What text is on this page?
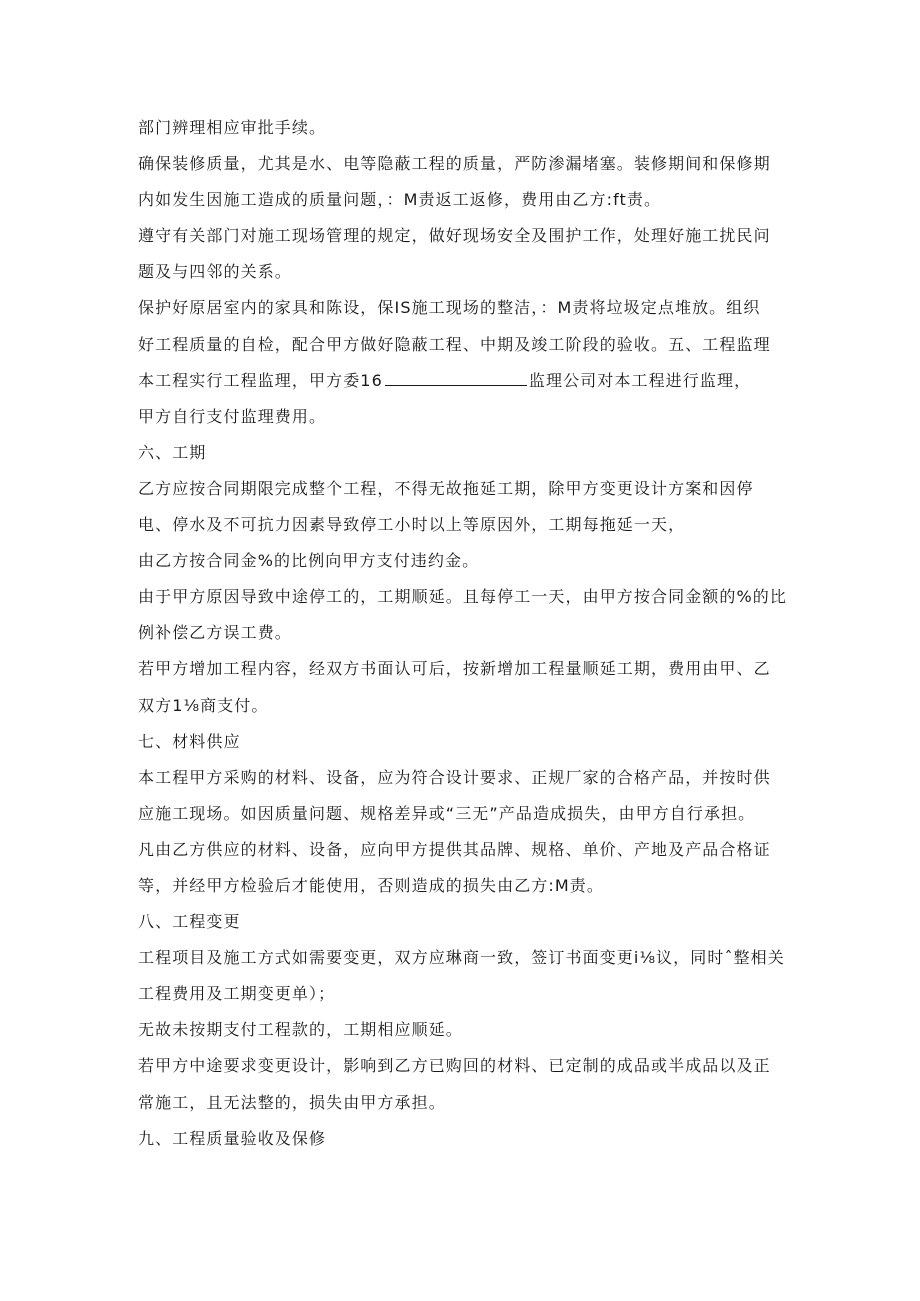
部门辨理相应审批手续。
确保装修质量，尤其是水、电等隐蔽工程的质量，严防渗漏堵塞。装修期间和保修期
内如发生因施工造成的质量问题，：M责返工返修，费用由乙方:ft责。
遵守有关部门对施工现场管理的规定，做好现场安全及围护工作，处理好施工扰民问
题及与四邻的关系。
保护好原居室内的家具和陈设，保IS施工现场的整洁，：M责将垃圾定点堆放。组织
好工程质量的自检，配合甲方做好隐蔽工程、中期及竣工阶段的验收。五、工程监理
本工程实行工程监理，甲方委16	监理公司对本工程进行监理，
甲方自行支付监理费用。
六、工期
乙方应按合同期限完成整个工程，不得无故拖延工期，除甲方变更设计方案和因停
电、停水及不可抗力因素导致停工小时以上等原因外，工期每拖延一天，
由乙方按合同金%的比例向甲方支付违约金。
由于甲方原因导致中途停工的，工期顺延。且每停工一天，由甲方按合同金额的%的比
例补偿乙方误工费。
若甲方增加工程内容，经双方书面认可后，按新增加工程量顺延工期，费用由甲、乙
双方1⅛商支付。
七、材料供应
本工程甲方采购的材料、设备，应为符合设计要求、正规厂家的合格产品，并按时供
应施工现场。如因质量问题、规格差异或“三无”产品造成损失，由甲方自行承担。
凡由乙方供应的材料、设备，应向甲方提供其品牌、规格、单价、产地及产品合格证
等，并经甲方检验后才能使用，否则造成的损失由乙方:M责。
八、工程变更
工程项目及施工方式如需要变更，双方应琳商一致，签订书面变更i⅛议，同时ˆ整相关
工程费用及工期变更单）；
无故未按期支付工程款的，工期相应顺延。
若甲方中途要求变更设计，影响到乙方已购回的材料、已定制的成品或半成品以及正
常施工，且无法整的，损失由甲方承担。
九、工程质量验收及保修
